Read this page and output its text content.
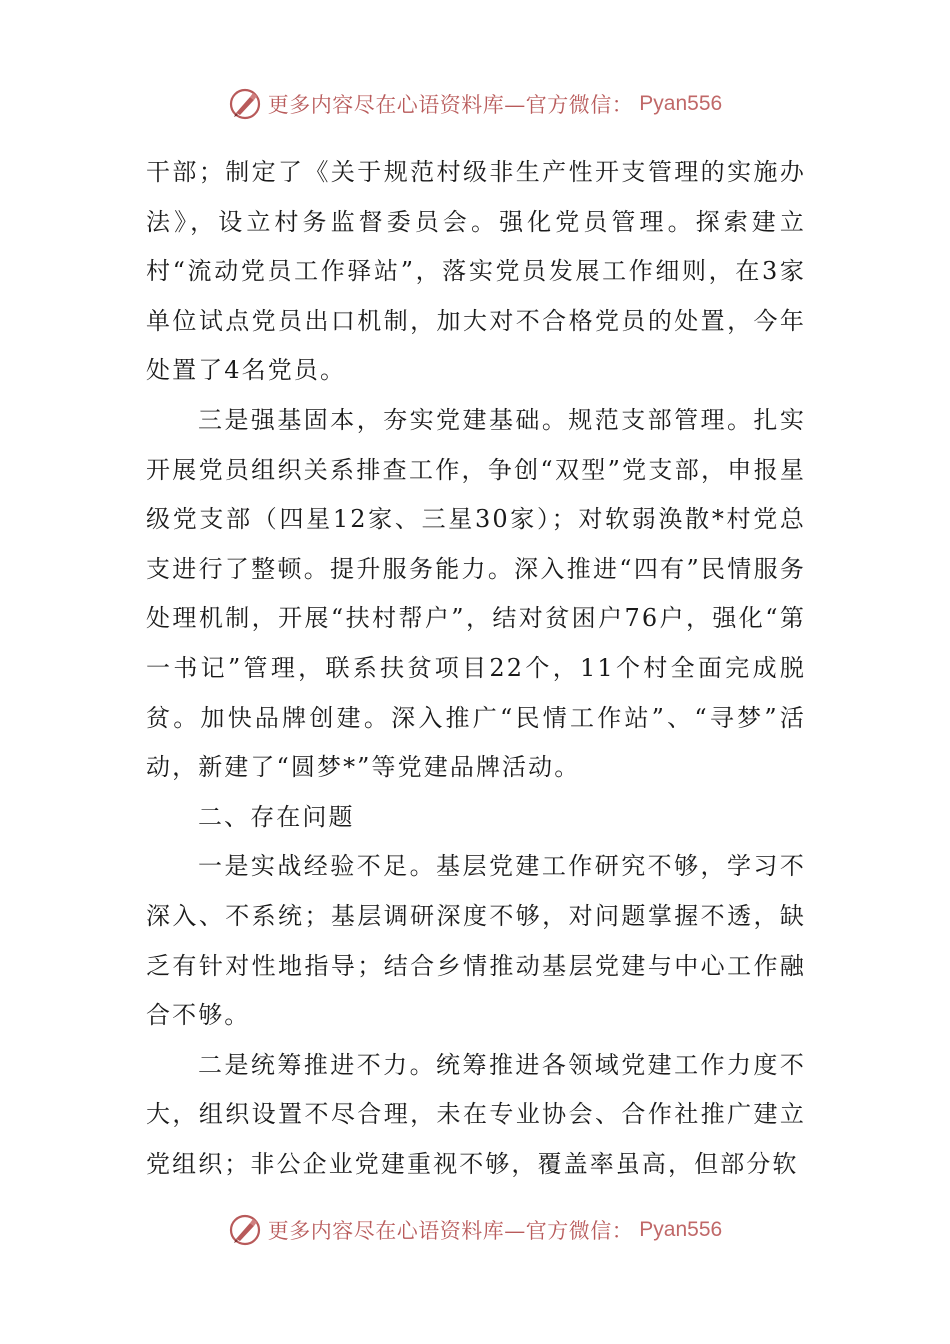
更多内容尽在心语资料库—官方微信： Pyan556

干部；制定了《关于规范村级非生产性开支管理的实施办法》，设立村务监督委员会。强化党员管理。探索建立村“流动党员工作驿站”，落实党员发展工作细则，在3家单位试点党员出口机制，加大对不合格党员的处置，今年处置了4名党员。

三是强基固本，夯实党建基础。规范支部管理。扎实开展党员组织关系排查工作，争创“双型”党支部，申报星级党支部（四星12家、三星30家）；对软弱涣散*村党总支进行了整顿。提升服务能力。深入推进“四有”民情服务处理机制，开展“扶村帮户”，结对贫困户76户，强化“第一书记”管理，联系扶贫项目22个，11个村全面完成脱贫。加快品牌创建。深入推广“民情工作站”、“寻梦”活动，新建了“圆梦*”等党建品牌活动。

二、存在问题

一是实战经验不足。基层党建工作研究不够，学习不深入、不系统；基层调研深度不够，对问题掌握不透，缺乏有针对性地指导；结合乡情推动基层党建与中心工作融合不够。

二是统筹推进不力。统筹推进各领域党建工作力度不大，组织设置不尽合理，未在专业协会、合作社推广建立党组织；非公企业党建重视不够，覆盖率虽高，但部分软

更多内容尽在心语资料库—官方微信： Pyan556
